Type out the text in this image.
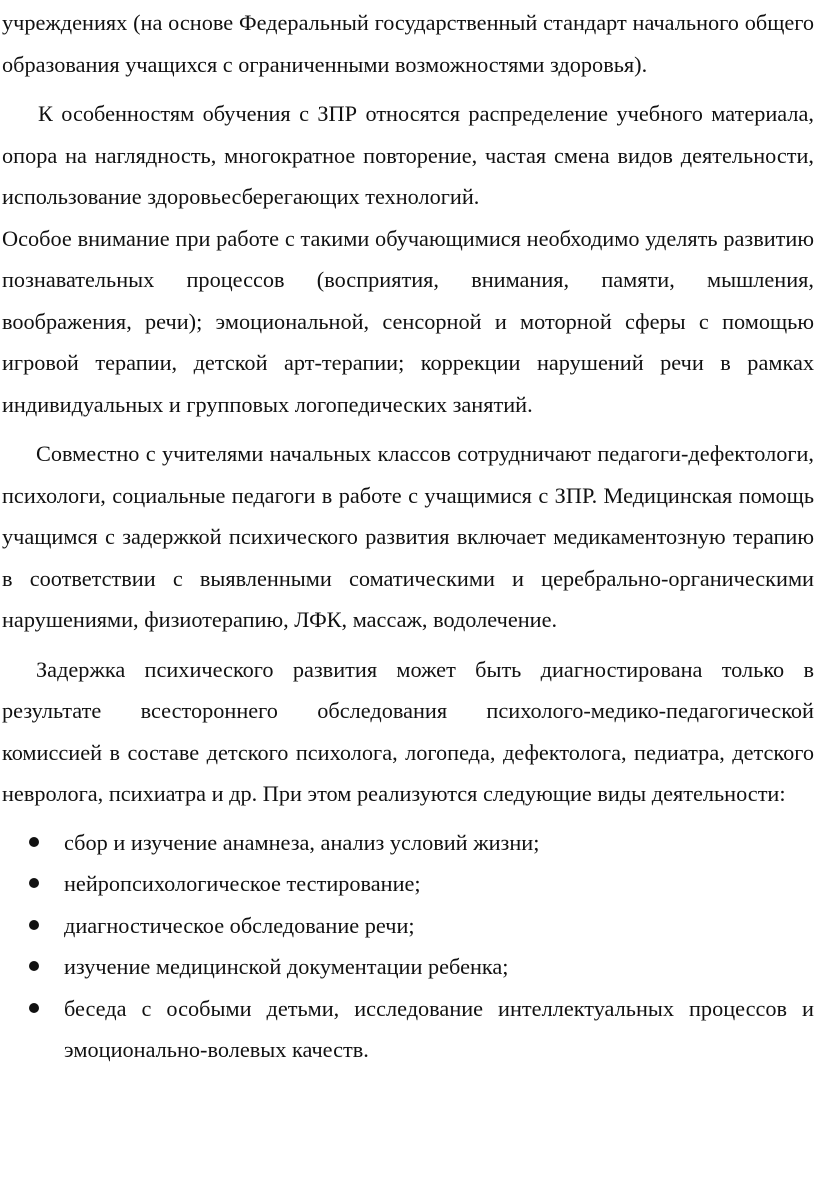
учреждениях (на основе Федеральный государственный стандарт начального общего образования учащихся с ограниченными возможностями здоровья).

К особенностям обучения с ЗПР относятся распределение учебного материала, опора на наглядность, многократное повторение, частая смена видов деятельности, использование здоровьесберегающих технологий.

Особое внимание при работе с такими обучающимися необходимо уделять развитию познавательных процессов (восприятия, внимания, памяти, мышления, воображения, речи); эмоциональной, сенсорной и моторной сферы с помощью игровой терапии, детской арт-терапии; коррекции нарушений речи в рамках индивидуальных и групповых логопедических занятий.

Совместно с учителями начальных классов сотрудничают педагоги-дефектологи, психологи, социальные педагоги в работе с учащимися с ЗПР. Медицинская помощь учащимся с задержкой психического развития включает медикаментозную терапию в соответствии с выявленными соматическими и церебрально-органическими нарушениями, физиотерапию, ЛФК, массаж, водолечение.

Задержка психического развития может быть диагностирована только в результате всестороннего обследования психолого-медико-педагогической комиссией в составе детского психолога, логопеда, дефектолога, педиатра, детского невролога, психиатра и др. При этом реализуются следующие виды деятельности:

сбор и изучение анамнеза, анализ условий жизни;
нейропсихологическое тестирование;
диагностическое обследование речи;
изучение медицинской документации ребенка;
беседа с особыми детьми, исследование интеллектуальных процессов и эмоционально-волевых качеств.
